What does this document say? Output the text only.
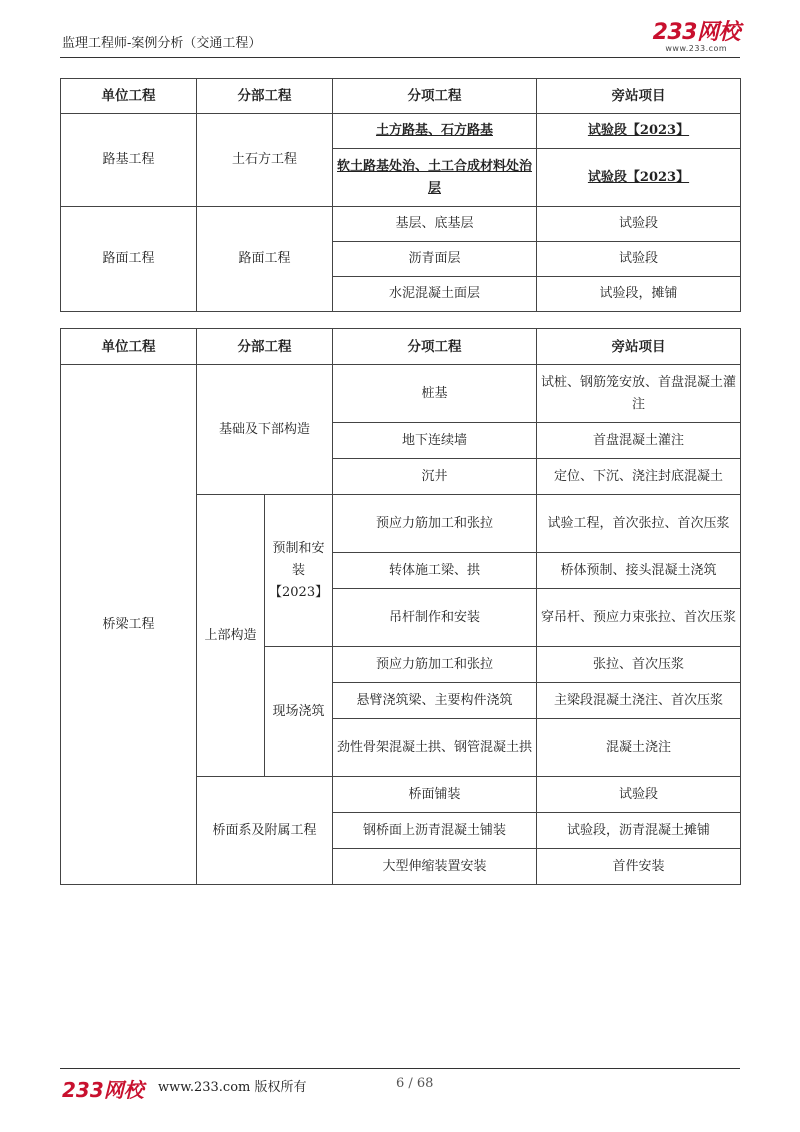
监理工程师-案例分析（交通工程）	233网校
www.233.com
单位工程	分部工程	分项工程	旁站项目
路基工程	土石方工程	土方路基、石方路基	试验段【2023】
		软土路基处治、土工合成材料处治层	试验段【2023】
路面工程	路面工程	基层、底基层	试验段
		沥青面层	试验段
		水泥混凝土面层	试验段，摊铺
单位工程	分部工程		分项工程	旁站项目
桥梁工程	基础及下部构造		桩基	试桩、钢筋笼安放、首盘混凝土灌注
			地下连续墙	首盘混凝土灌注
			沉井	定位、下沉、浇注封底混凝土
	上部构造	预制和安装【2023】	预应力筋加工和张拉	试验工程，首次张拉、首次压浆
			转体施工梁、拱	桥体预制、接头混凝土浇筑
			吊杆制作和安装	穿吊杆、预应力束张拉、首次压浆
		现场浇筑	预应力筋加工和张拉	张拉、首次压浆
			悬臂浇筑梁、主要构件浇筑	主梁段混凝土浇注、首次压浆
			劲性骨架混凝土拱、钢管混凝土拱	混凝土浇注
	桥面系及附属工程		桥面铺装	试验段
			钢桥面上沥青混凝土铺装	试验段，沥青混凝土摊铺
			大型伸缩装置安装	首件安装
233网校 www.233.com 版权所有	6 / 68
